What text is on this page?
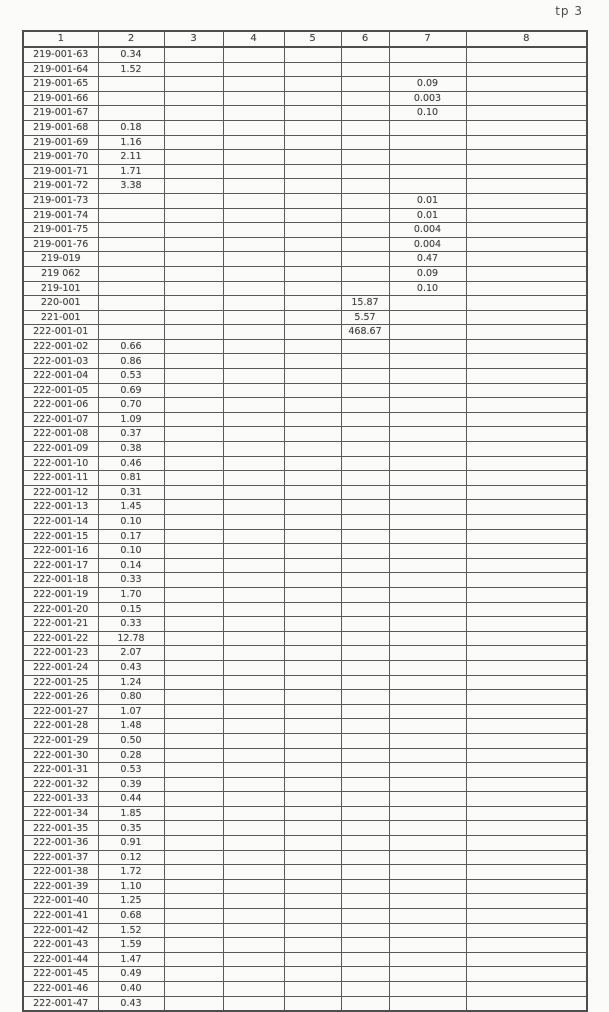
tp 3
1	2	3	4	5	6	7	8
219-001-63	0.34						
219-001-64	1.52						
219-001-65						0.09	
219-001-66						0.003	
219-001-67						0.10	
219-001-68	0.18						
219-001-69	1.16						
219-001-70	2.11						
219-001-71	1.71						
219-001-72	3.38						
219-001-73						0.01	
219-001-74						0.01	
219-001-75						0.004	
219-001-76						0.004	
219-019						0.47	
219 062						0.09	
219-101						0.10	
220-001					15.87		
221-001					5.57		
222-001-01					468.67		
222-001-02	0.66						
222-001-03	0.86						
222-001-04	0.53						
222-001-05	0.69						
222-001-06	0.70						
222-001-07	1.09						
222-001-08	0.37						
222-001-09	0.38						
222-001-10	0.46						
222-001-11	0.81						
222-001-12	0.31						
222-001-13	1.45						
222-001-14	0.10						
222-001-15	0.17						
222-001-16	0.10						
222-001-17	0.14						
222-001-18	0.33						
222-001-19	1.70						
222-001-20	0.15						
222-001-21	0.33						
222-001-22	12.78						
222-001-23	2.07						
222-001-24	0.43						
222-001-25	1.24						
222-001-26	0.80						
222-001-27	1.07						
222-001-28	1.48						
222-001-29	0.50						
222-001-30	0.28						
222-001-31	0.53						
222-001-32	0.39						
222-001-33	0.44						
222-001-34	1.85						
222-001-35	0.35						
222-001-36	0.91						
222-001-37	0.12						
222-001-38	1.72						
222-001-39	1.10						
222-001-40	1.25						
222-001-41	0.68						
222-001-42	1.52						
222-001-43	1.59						
222-001-44	1.47						
222-001-45	0.49						
222-001-46	0.40						
222-001-47	0.43						
